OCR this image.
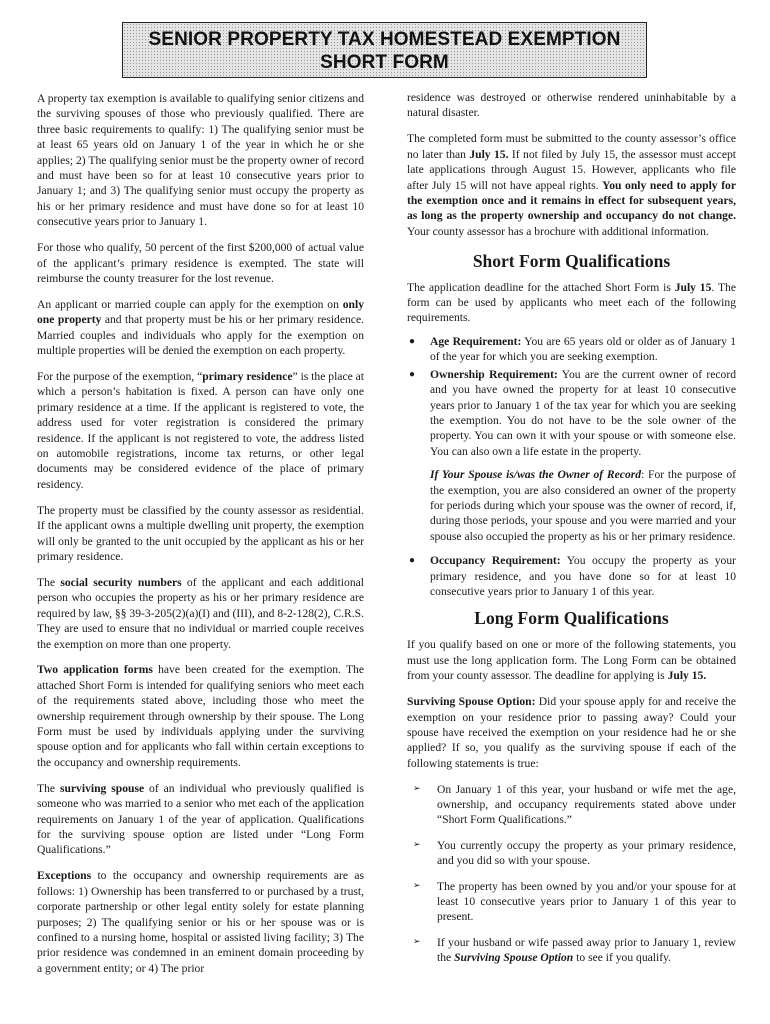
SENIOR PROPERTY TAX HOMESTEAD EXEMPTION
SHORT FORM

A property tax exemption is available to qualifying senior citizens and the surviving spouses of those who previously qualified. There are three basic requirements to qualify: 1) The qualifying senior must be at least 65 years old on January 1 of the year in which he or she applies; 2) The qualifying senior must be the property owner of record and must have been so for at least 10 consecutive years prior to January 1; and 3) The qualifying senior must occupy the property as his or her primary residence and must have done so for at least 10 consecutive years prior to January 1.

For those who qualify, 50 percent of the first $200,000 of actual value of the applicant’s primary residence is exempted. The state will reimburse the county treasurer for the lost revenue.

An applicant or married couple can apply for the exemption on only one property and that property must be his or her primary residence. Married couples and individuals who apply for the exemption on multiple properties will be denied the exemption on each property.

For the purpose of the exemption, “primary residence” is the place at which a person’s habitation is fixed. A person can have only one primary residence at a time. If the applicant is registered to vote, the address used for voter registration is considered the primary residence. If the applicant is not registered to vote, the address listed on automobile registrations, income tax returns, or other legal documents may be considered evidence of the place of primary residency.

The property must be classified by the county assessor as residential. If the applicant owns a multiple dwelling unit property, the exemption will only be granted to the unit occupied by the applicant as his or her primary residence.

The social security numbers of the applicant and each additional person who occupies the property as his or her primary residence are required by law, §§ 39-3-205(2)(a)(I) and (III), and 8-2-128(2), C.R.S. They are used to ensure that no individual or married couple receives the exemption on more than one property.

Two application forms have been created for the exemption. The attached Short Form is intended for qualifying seniors who meet each of the requirements stated above, including those who meet the ownership requirement through ownership by their spouse. The Long Form must be used by individuals applying under the surviving spouse option and for applicants who fall within certain exceptions to the occupancy and ownership requirements.

The surviving spouse of an individual who previously qualified is someone who was married to a senior who met each of the application requirements on January 1 of the year of application. Qualifications for the surviving spouse option are listed under “Long Form Qualifications.”

Exceptions to the occupancy and ownership requirements are as follows: 1) Ownership has been transferred to or purchased by a trust, corporate partnership or other legal entity solely for estate planning purposes; 2) The qualifying senior or his or her spouse was or is confined to a nursing home, hospital or assisted living facility; 3) The prior residence was condemned in an eminent domain proceeding by a government entity; or 4) The prior

residence was destroyed or otherwise rendered uninhabitable by a natural disaster.

The completed form must be submitted to the county assessor’s office no later than July 15. If not filed by July 15, the assessor must accept late applications through August 15. However, applicants who file after July 15 will not have appeal rights. You only need to apply for the exemption once and it remains in effect for subsequent years, as long as the property ownership and occupancy do not change. Your county assessor has a brochure with additional information.

Short Form Qualifications

The application deadline for the attached Short Form is July 15. The form can be used by applicants who meet each of the following requirements.

● Age Requirement: You are 65 years old or older as of January 1 of the year for which you are seeking exemption.
● Ownership Requirement: You are the current owner of record and you have owned the property for at least 10 consecutive years prior to January 1 of the tax year for which you are seeking the exemption. You do not have to be the sole owner of the property. You can own it with your spouse or with someone else. You can also own a life estate in the property.

If Your Spouse is/was the Owner of Record: For the purpose of the exemption, you are also considered an owner of the property for periods during which your spouse was the owner of record, if, during those periods, your spouse and you were married and your spouse also occupied the property as his or her primary residence.

● Occupancy Requirement: You occupy the property as your primary residence, and you have done so for at least 10 consecutive years prior to January 1 of this year.
Long Form Qualifications

If you qualify based on one or more of the following statements, you must use the long application form. The Long Form can be obtained from your county assessor. The deadline for applying is July 15.

Surviving Spouse Option: Did your spouse apply for and receive the exemption on your residence prior to passing away? Could your spouse have received the exemption on your residence had he or she applied? If so, you qualify as the surviving spouse if each of the following statements is true:

➢ On January 1 of this year, your husband or wife met the age, ownership, and occupancy requirements stated above under “Short Form Qualifications.”
➢ You currently occupy the property as your primary residence, and you did so with your spouse.
➢ The property has been owned by you and/or your spouse for at least 10 consecutive years prior to January 1 of this year to present.
➢ If your husband or wife passed away prior to January 1, review the Surviving Spouse Option to see if you qualify.
